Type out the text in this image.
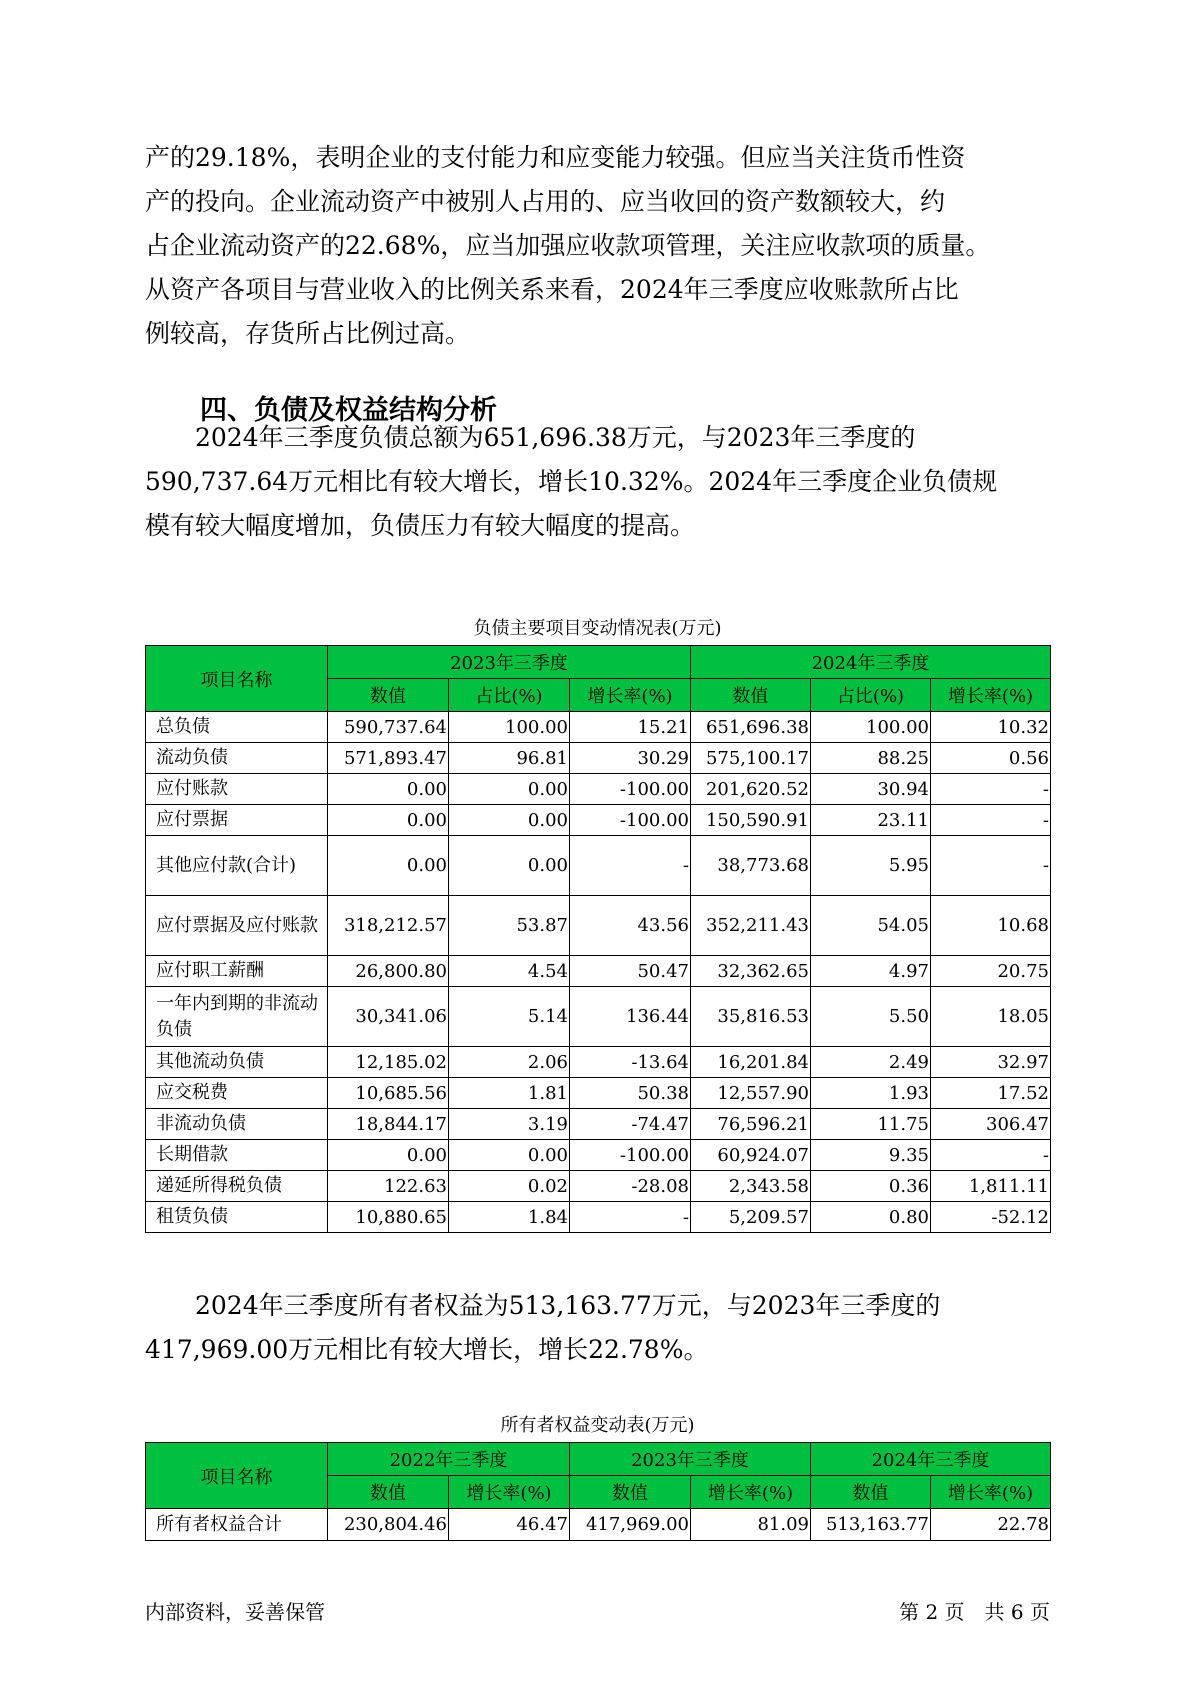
产的29.18%，表明企业的支付能力和应变能力较强。但应当关注货币性资
产的投向。企业流动资产中被别人占用的、应当收回的资产数额较大，约
占企业流动资产的22.68%，应当加强应收款项管理，关注应收款项的质量。
从资产各项目与营业收入的比例关系来看，2024年三季度应收账款所占比
例较高，存货所占比例过高。
四、负债及权益结构分析
2024年三季度负债总额为651,696.38万元，与2023年三季度的
590,737.64万元相比有较大增长，增长10.32%。2024年三季度企业负债规
模有较大幅度增加，负债压力有较大幅度的提高。

负债主要项目变动情况表(万元)

项目名称	2023年三季度			2024年三季度		
	数值	占比(%)	增长率(%)	数值	占比(%)	增长率(%)
总负债	590,737.64	100.00	15.21	651,696.38	100.00	10.32
流动负债	571,893.47	96.81	30.29	575,100.17	88.25	0.56
应付账款	0.00	0.00	-100.00	201,620.52	30.94	-
应付票据	0.00	0.00	-100.00	150,590.91	23.11	-
其他应付款(合计)	0.00	0.00	-	38,773.68	5.95	-
应付票据及应付账款	318,212.57	53.87	43.56	352,211.43	54.05	10.68
应付职工薪酬	26,800.80	4.54	50.47	32,362.65	4.97	20.75
一年内到期的非流动负债	30,341.06	5.14	136.44	35,816.53	5.50	18.05
其他流动负债	12,185.02	2.06	-13.64	16,201.84	2.49	32.97
应交税费	10,685.56	1.81	50.38	12,557.90	1.93	17.52
非流动负债	18,844.17	3.19	-74.47	76,596.21	11.75	306.47
长期借款	0.00	0.00	-100.00	60,924.07	9.35	-
递延所得税负债	122.63	0.02	-28.08	2,343.58	0.36	1,811.11
租赁负债	10,880.65	1.84	-	5,209.57	0.80	-52.12
2024年三季度所有者权益为513,163.77万元，与2023年三季度的
417,969.00万元相比有较大增长，增长22.78%。

所有者权益变动表(万元)

项目名称	2022年三季度		2023年三季度		2024年三季度	
	数值	增长率(%)	数值	增长率(%)	数值	增长率(%)
所有者权益合计	230,804.46	46.47	417,969.00	81.09	513,163.77	22.78

内部资料，妥善保管	第 2 页　共 6 页
